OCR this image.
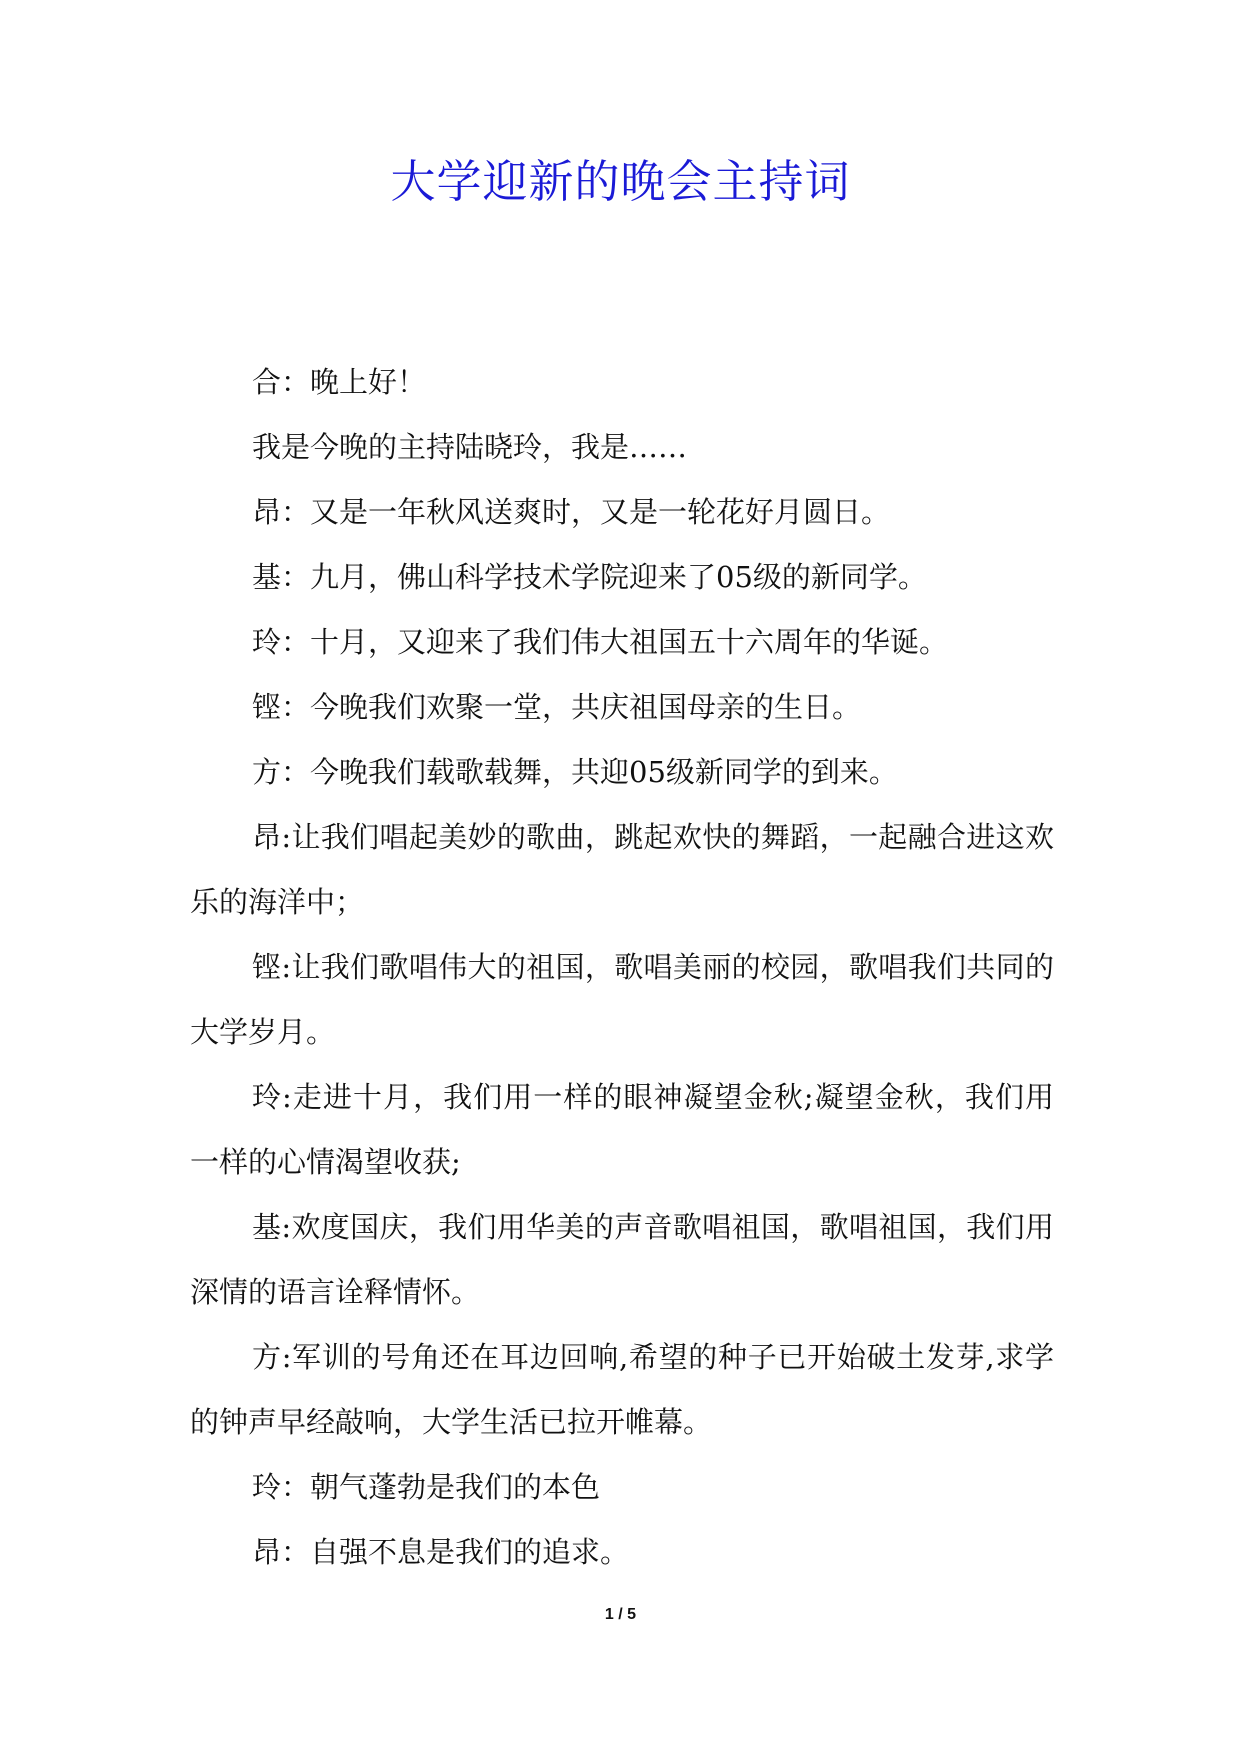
大学迎新的晚会主持词

合：晚上好！

我是今晚的主持陆晓玲，我是……

昂：又是一年秋风送爽时，又是一轮花好月圆日。

基：九月，佛山科学技术学院迎来了05级的新同学。

玲：十月，又迎来了我们伟大祖国五十六周年的华诞。

铿：今晚我们欢聚一堂，共庆祖国母亲的生日。

方：今晚我们载歌载舞，共迎05级新同学的到来。

昂:让我们唱起美妙的歌曲，跳起欢快的舞蹈，一起融合进这欢乐的海洋中；

铿:让我们歌唱伟大的祖国，歌唱美丽的校园，歌唱我们共同的大学岁月。

玲:走进十月，我们用一样的眼神凝望金秋;凝望金秋，我们用一样的心情渴望收获;

基:欢度国庆，我们用华美的声音歌唱祖国，歌唱祖国，我们用深情的语言诠释情怀。

方:军训的号角还在耳边回响,希望的种子已开始破土发芽,求学的钟声早经敲响，大学生活已拉开帷幕。

玲：朝气蓬勃是我们的本色

昂：自强不息是我们的追求。

1 / 5
